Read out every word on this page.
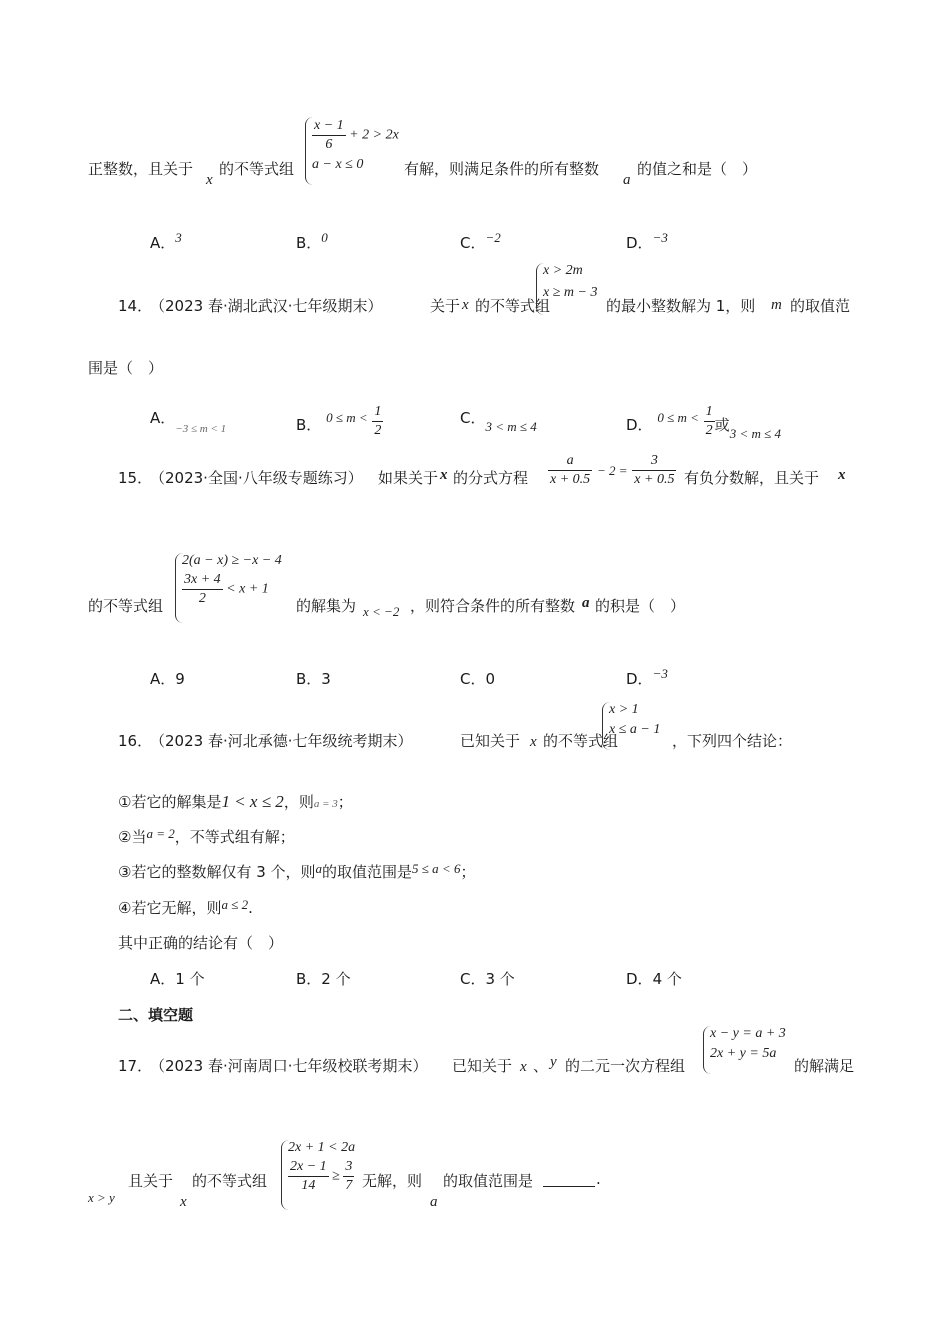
正整数，且关于
x
的不等式组
$\frac{x - 1}{6} + 2 > 2x$
a − x ≤ 0	有解，则满足条件的所有整数
a
的值之和是（　）
A．3	B．0	C．−2	D．−3
14．
（2023 春·湖北武汉·七年级期末）	关于 x 的不等式组
x > 2m
x ≥ m − 3
的最小整数解为 1，则 m 的取值范
围是（　）
A．$_{-3 \le m < 1}$	B． $0 \le m < \frac{1}{2}$	C．3 < m ≤ 4	D． $0 \le m < \frac{1}{2}$ 或3 < m ≤ 4
15．
（2023·全国·八年级专题练习） 如果关于 x 的分式方程 $\frac{a}{x + 0.5} - 2 = \frac{3}{x + 0.5}$ 有负分数解，且关于 x
的不等式组
2(a − x) ≥ −x − 4
$\frac{3x + 4}{2} < x + 1$
的解集为 x < −2 ，则符合条件的所有整数 a 的积是（　）
A．9	B．3	C．0	D．−3
16．
（2023 春·河北承德·七年级统考期末）	已知关于 x 的不等式组
x > 1
x ≤ a − 1
，下列四个结论：
①若它的解集是1 < x ≤ 2，则a = 3；
②当a = 2，不等式组有解；
③若它的整数解仅有 3 个，则a的取值范围是5 ≤ a < 6；
④若它无解，则a ≤ 2.
其中正确的结论有（　）
A．1 个	B．2 个	C．3 个	D．4 个
二、填空题
17．
（2023 春·河南周口·七年级校联考期末） 已知关于 x 、 y 的二元一次方程组
x − y = a + 3
2x + y = 5a
的解满足
x > y
且关于
x
的不等式组
2x + 1 < 2a
$\frac{2x - 1}{14} \ge \frac{3}{7}$ 无解，则
a
的取值范围是	.
